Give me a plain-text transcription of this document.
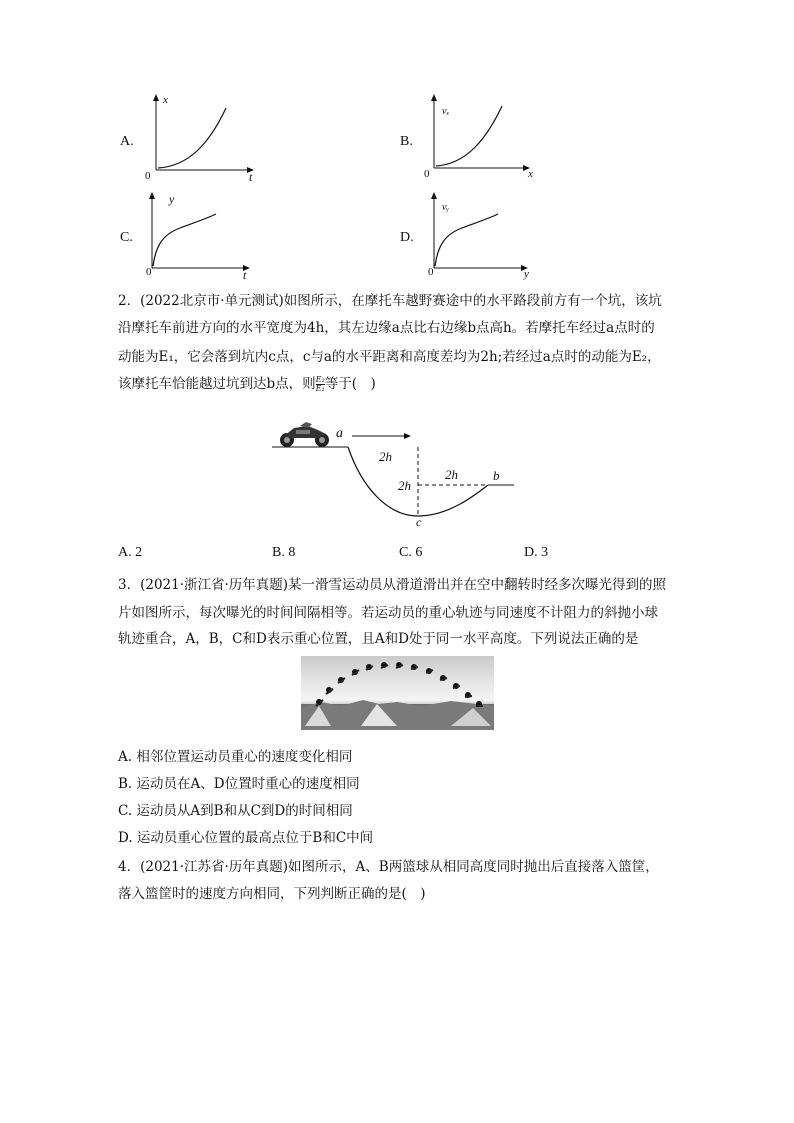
A.
x
t
0
B.
vₓ
x
0
C.
y
t
0
D.
vᵧ
y
0
2．(2022北京市·单元测试)如图所示，在摩托车越野赛途中的水平路段前方有一个坑，该坑
沿摩托车前进方向的水平宽度为4h，其左边缘a点比右边缘b点高h。若摩托车经过a点时的
动能为E₁，它会落到坑内c点，c与a的水平距离和高度差均为2h;若经过a点时的动能为E₂，
该摩托车恰能越过坑到达b点，则 $\frac{\text{E₂}}{\text{E₁}}$ 等于(　)
a
b
c
2h
2h
2h
A. 2	B. 8	C. 6	D. 3
3．(2021·浙江省·历年真题)某一滑雪运动员从滑道滑出并在空中翻转时经多次曝光得到的照
片如图所示，每次曝光的时间间隔相等。若运动员的重心轨迹与同速度不计阻力的斜抛小球
轨迹重合，A，B，C和D表示重心位置，且A和D处于同一水平高度。下列说法正确的是
A. 相邻位置运动员重心的速度变化相同
B. 运动员在A、D位置时重心的速度相同
C. 运动员从A到B和从C到D的时间相同
D. 运动员重心位置的最高点位于B和C中间
4．(2021·江苏省·历年真题)如图所示，A、B两篮球从相同高度同时抛出后直接落入篮筐，
落入篮筐时的速度方向相同，下列判断正确的是(　)
